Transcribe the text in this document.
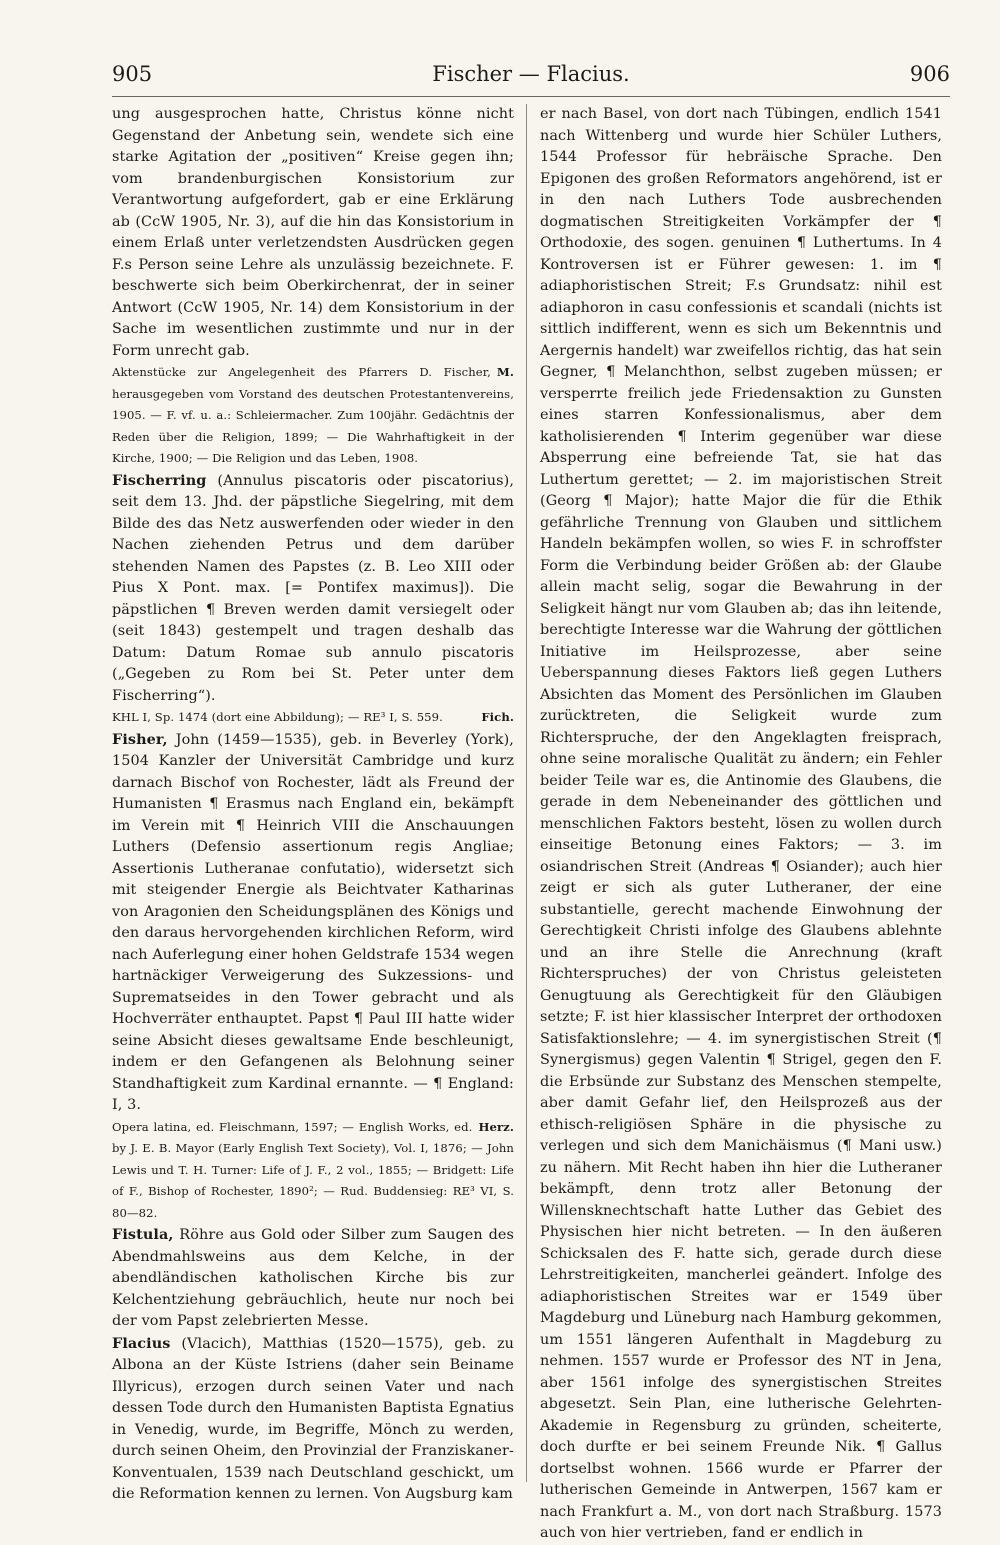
905	Fischer — Flacius.	906

ung ausgesprochen hatte, Christus könne nicht Gegenstand der Anbetung sein, wendete sich eine starke Agitation der „positiven“ Kreise gegen ihn; vom brandenburgischen Konsistorium zur Verantwortung aufgefordert, gab er eine Erklärung ab (CcW 1905, Nr. 3), auf die hin das Konsistorium in einem Erlaß unter verletzendsten Ausdrücken gegen F.s Person seine Lehre als unzulässig bezeichnete. F. beschwerte sich beim Oberkirchenrat, der in seiner Antwort (CcW 1905, Nr. 14) dem Konsistorium in der Sache im wesentlichen zustimmte und nur in der Form unrecht gab.

M.
Aktenstücke zur Angelegenheit des Pfarrers D. Fischer, herausgegeben vom Vorstand des deutschen Protestantenvereins, 1905. — F. vf. u. a.: Schleiermacher. Zum 100jähr. Gedächtnis der Reden über die Religion, 1899; — Die Wahrhaftigkeit in der Kirche, 1900; — Die Religion und das Leben, 1908.

Fischerring (Annulus piscatoris oder piscatorius), seit dem 13. Jhd. der päpstliche Siegelring, mit dem Bilde des das Netz auswerfenden oder wieder in den Nachen ziehenden Petrus und dem darüber stehenden Namen des Papstes (z. B. Leo XIII oder Pius X Pont. max. [= Pontifex maximus]). Die päpstlichen ¶ Breven werden damit versiegelt oder (seit 1843) gestempelt und tragen deshalb das Datum: Datum Romae sub annulo piscatoris („Gegeben zu Rom bei St. Peter unter dem Fischerring“).

Fich.
KHL I, Sp. 1474 (dort eine Abbildung); — RE³ I, S. 559.

Fisher, John (1459—1535), geb. in Beverley (York), 1504 Kanzler der Universität Cambridge und kurz darnach Bischof von Rochester, lädt als Freund der Humanisten ¶ Erasmus nach England ein, bekämpft im Verein mit ¶ Heinrich VIII die Anschauungen Luthers (Defensio assertionum regis Angliae; Assertionis Lutheranae confutatio), widersetzt sich mit steigender Energie als Beichtvater Katharinas von Aragonien den Scheidungsplänen des Königs und den daraus hervorgehenden kirchlichen Reform, wird nach Auferlegung einer hohen Geldstrafe 1534 wegen hartnäckiger Verweigerung des Sukzessions- und Suprematseides in den Tower gebracht und als Hochverräter enthauptet. Papst ¶ Paul III hatte wider seine Absicht dieses gewaltsame Ende beschleunigt, indem er den Gefangenen als Belohnung seiner Standhaftigkeit zum Kardinal ernannte. — ¶ England: I, 3.

Herz.
Opera latina, ed. Fleischmann, 1597; — English Works, ed. by J. E. B. Mayor (Early English Text Society), Vol. I, 1876; — John Lewis und T. H. Turner: Life of J. F., 2 vol., 1855; — Bridgett: Life of F., Bishop of Rochester, 1890²; — Rud. Buddensieg: RE³ VI, S. 80—82.

Fistula, Röhre aus Gold oder Silber zum Saugen des Abendmahlsweins aus dem Kelche, in der abendländischen katholischen Kirche bis zur Kelchentziehung gebräuchlich, heute nur noch bei der vom Papst zelebrierten Messe.

Flacius (Vlacich), Matthias (1520—1575), geb. zu Albona an der Küste Istriens (daher sein Beiname Illyricus), erzogen durch seinen Vater und nach dessen Tode durch den Humanisten Baptista Egnatius in Venedig, wurde, im Begriffe, Mönch zu werden, durch seinen Oheim, den Provinzial der Franziskaner-Konventualen, 1539 nach Deutschland geschickt, um die Reformation kennen zu lernen. Von Augsburg kam

er nach Basel, von dort nach Tübingen, endlich 1541 nach Wittenberg und wurde hier Schüler Luthers, 1544 Professor für hebräische Sprache. Den Epigonen des großen Reformators angehörend, ist er in den nach Luthers Tode ausbrechenden dogmatischen Streitigkeiten Vorkämpfer der ¶ Orthodoxie, des sogen. genuinen ¶ Luthertums. In 4 Kontroversen ist er Führer gewesen: 1. im ¶ adiaphoristischen Streit; F.s Grundsatz: nihil est adiaphoron in casu confessionis et scandali (nichts ist sittlich indifferent, wenn es sich um Bekenntnis und Aergernis handelt) war zweifellos richtig, das hat sein Gegner, ¶ Melanchthon, selbst zugeben müssen; er versperrte freilich jede Friedensaktion zu Gunsten eines starren Konfessionalismus, aber dem katholisierenden ¶ Interim gegenüber war diese Absperrung eine befreiende Tat, sie hat das Luthertum gerettet; — 2. im majoristischen Streit (Georg ¶ Major); hatte Major die für die Ethik gefährliche Trennung von Glauben und sittlichem Handeln bekämpfen wollen, so wies F. in schroffster Form die Verbindung beider Größen ab: der Glaube allein macht selig, sogar die Bewahrung in der Seligkeit hängt nur vom Glauben ab; das ihn leitende, berechtigte Interesse war die Wahrung der göttlichen Initiative im Heilsprozesse, aber seine Ueberspannung dieses Faktors ließ gegen Luthers Absichten das Moment des Persönlichen im Glauben zurücktreten, die Seligkeit wurde zum Richterspruche, der den Angeklagten freisprach, ohne seine moralische Qualität zu ändern; ein Fehler beider Teile war es, die Antinomie des Glaubens, die gerade in dem Nebeneinander des göttlichen und menschlichen Faktors besteht, lösen zu wollen durch einseitige Betonung eines Faktors; — 3. im osiandrischen Streit (Andreas ¶ Osiander); auch hier zeigt er sich als guter Lutheraner, der eine substantielle, gerecht machende Einwohnung der Gerechtigkeit Christi infolge des Glaubens ablehnte und an ihre Stelle die Anrechnung (kraft Richterspruches) der von Christus geleisteten Genugtuung als Gerechtigkeit für den Gläubigen setzte; F. ist hier klassischer Interpret der orthodoxen Satisfaktionslehre; — 4. im synergistischen Streit (¶ Synergismus) gegen Valentin ¶ Strigel, gegen den F. die Erbsünde zur Substanz des Menschen stempelte, aber damit Gefahr lief, den Heilsprozeß aus der ethisch-religiösen Sphäre in die physische zu verlegen und sich dem Manichäismus (¶ Mani usw.) zu nähern. Mit Recht haben ihn hier die Lutheraner bekämpft, denn trotz aller Betonung der Willensknechtschaft hatte Luther das Gebiet des Physischen hier nicht betreten. — In den äußeren Schicksalen des F. hatte sich, gerade durch diese Lehrstreitigkeiten, mancherlei geändert. Infolge des adiaphoristischen Streites war er 1549 über Magdeburg und Lüneburg nach Hamburg gekommen, um 1551 längeren Aufenthalt in Magdeburg zu nehmen. 1557 wurde er Professor des NT in Jena, aber 1561 infolge des synergistischen Streites abgesetzt. Sein Plan, eine lutherische Gelehrten-Akademie in Regensburg zu gründen, scheiterte, doch durfte er bei seinem Freunde Nik. ¶ Gallus dortselbst wohnen. 1566 wurde er Pfarrer der lutherischen Gemeinde in Antwerpen, 1567 kam er nach Frankfurt a. M., von dort nach Straßburg. 1573 auch von hier vertrieben, fand er endlich in
